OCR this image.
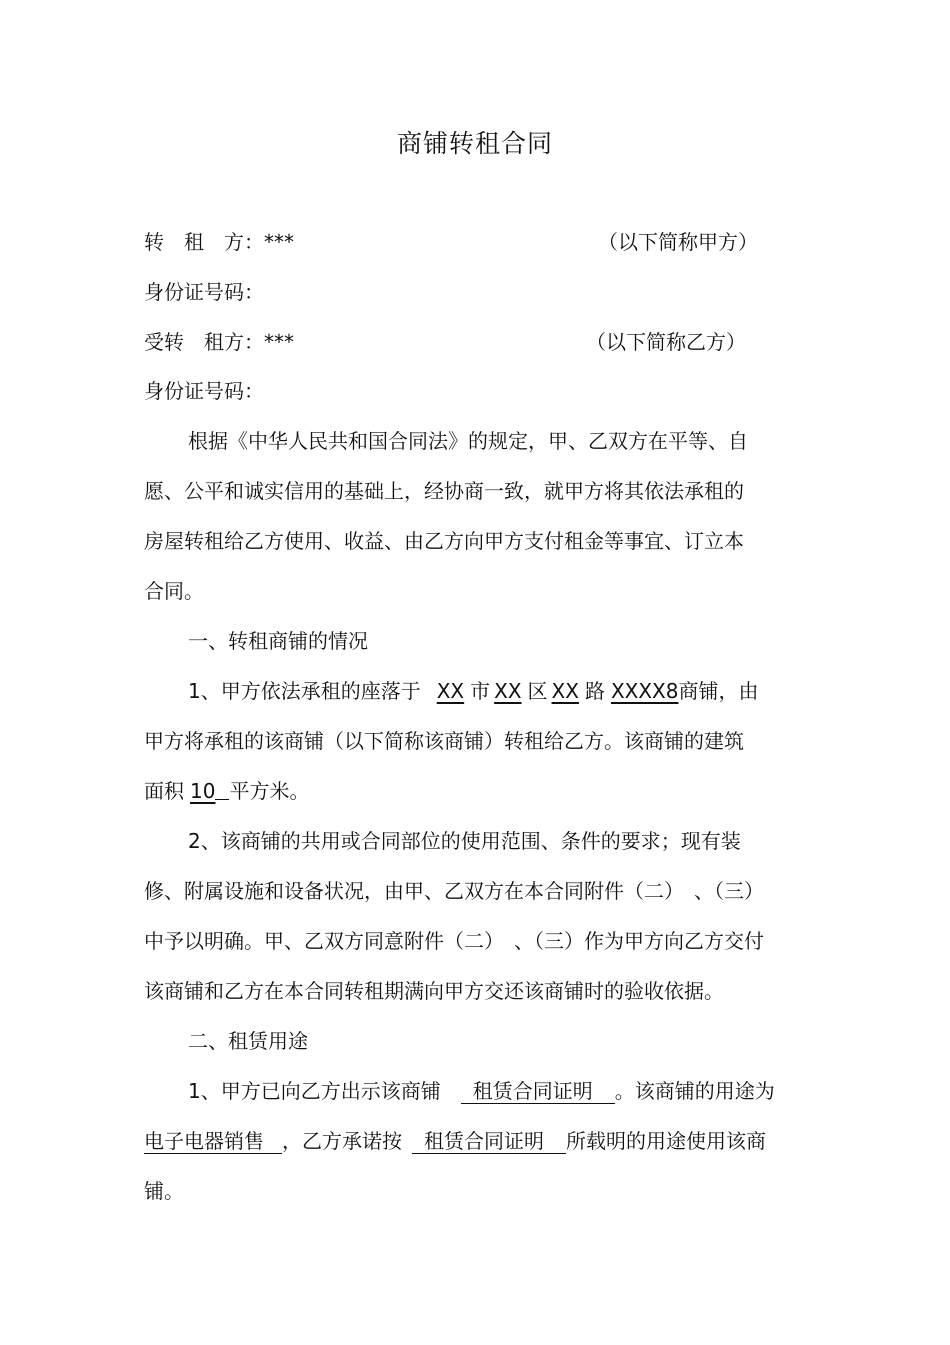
商铺转租合同
转　租　方：***	（以下简称甲方）
身份证号码：
受转　租方：***	（以下简称乙方）
身份证号码：
根据《中华人民共和国合同法》的规定，甲、乙双方在平等、自
愿、公平和诚实信用的基础上，经协商一致，就甲方将其依法承租的
房屋转租给乙方使用、收益、由乙方向甲方支付租金等事宜、订立本
合同。
一、转租商铺的情况
1、甲方依法承租的座落于 XX 市 XX 区 XX 路 XXXX8商铺，由
甲方将承租的该商铺（以下简称该商铺）转租给乙方。该商铺的建筑
面积 10 平方米。
2、该商铺的共用或合同部位的使用范围、条件的要求；现有装
修、附属设施和设备状况，由甲、乙双方在本合同附件（二）　、（三）
中予以明确。甲、乙双方同意附件（二）　、（三）作为甲方向乙方交付
该商铺和乙方在本合同转租期满向甲方交还该商铺时的验收依据。
二、租赁用途
1、甲方已向乙方出示该商铺 租赁合同证明 。该商铺的用途为
电子电器销售 ，乙方承诺按 租赁合同证明 所载明的用途使用该商
铺。
